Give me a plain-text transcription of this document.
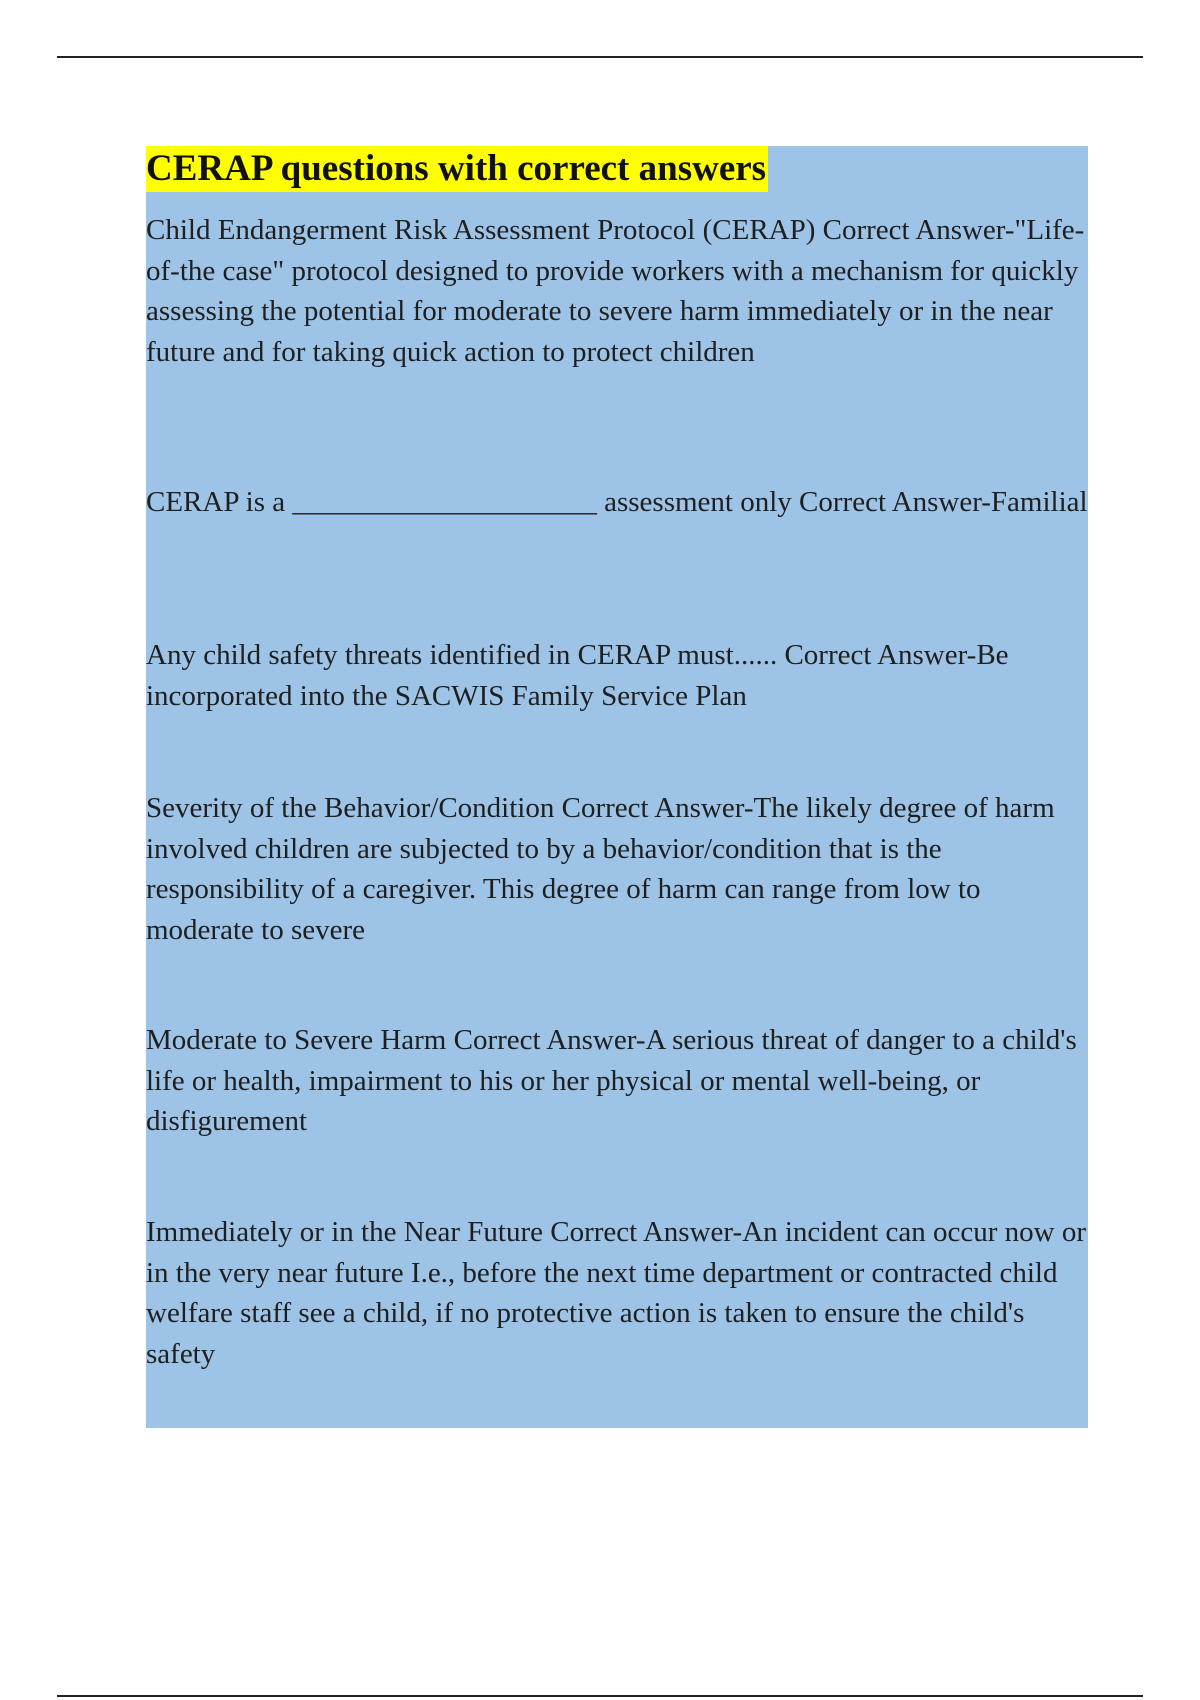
CERAP questions with correct answers

Child Endangerment Risk Assessment Protocol (CERAP) Correct Answer-"Life-of-the case" protocol designed to provide workers with a mechanism for quickly assessing the potential for moderate to severe harm immediately or in the near future and for taking quick action to protect children

CERAP is a _____________________ assessment only Correct Answer-Familial

Any child safety threats identified in CERAP must...... Correct Answer-Be incorporated into the SACWIS Family Service Plan

Severity of the Behavior/Condition Correct Answer-The likely degree of harm involved children are subjected to by a behavior/condition that is the responsibility of a caregiver. This degree of harm can range from low to moderate to severe

Moderate to Severe Harm Correct Answer-A serious threat of danger to a child's life or health, impairment to his or her physical or mental well-being, or disfigurement

Immediately or in the Near Future Correct Answer-An incident can occur now or in the very near future I.e., before the next time department or contracted child welfare staff see a child, if no protective action is taken to ensure the child's safety
